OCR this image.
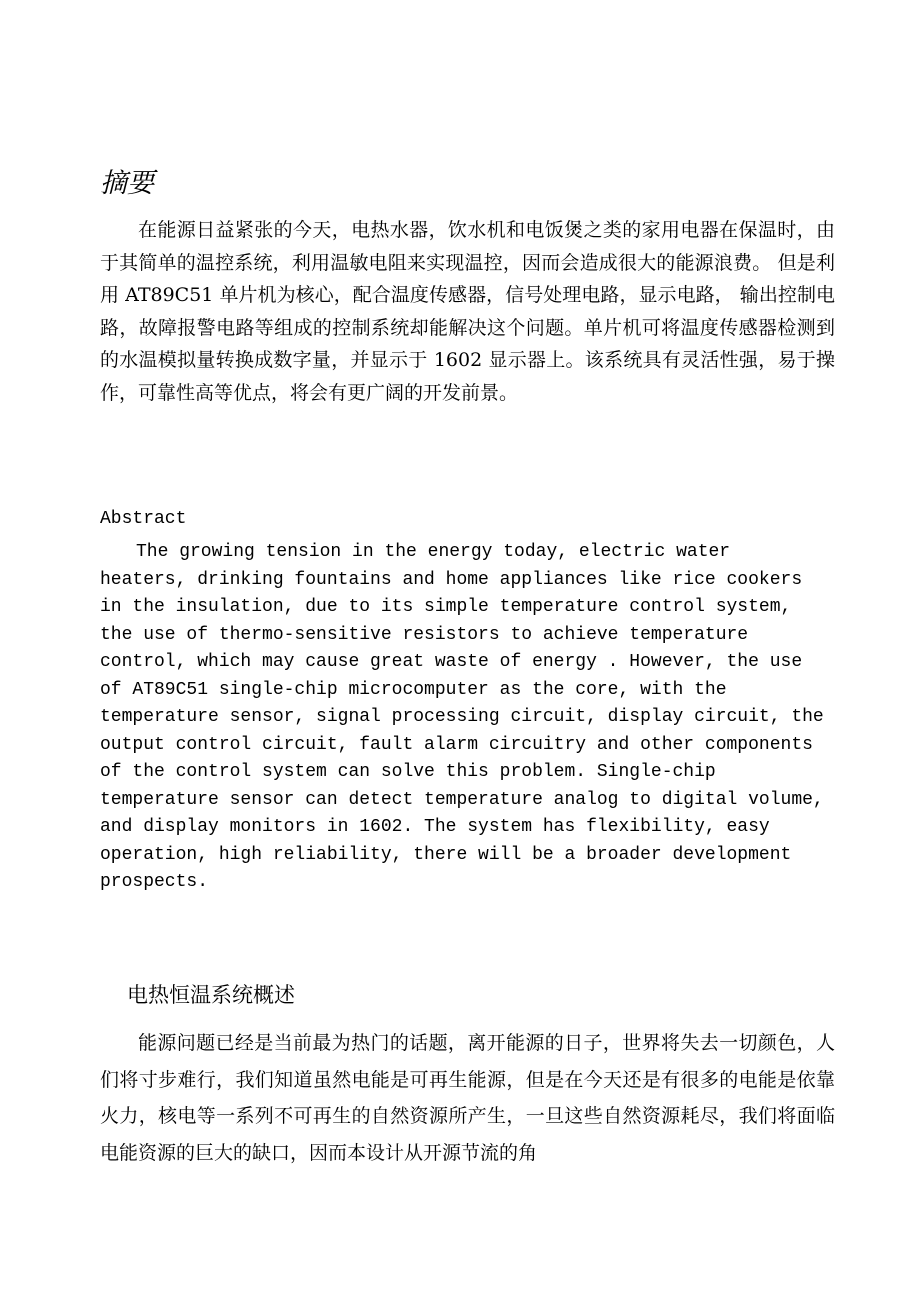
摘要

在能源日益紧张的今天，电热水器，饮水机和电饭煲之类的家用电器在保温时，由于其简单的温控系统，利用温敏电阻来实现温控，因而会造成很大的能源浪费。 但是利用 AT89C51 单片机为核心，配合温度传感器，信号处理电路，显示电路， 输出控制电路，故障报警电路等组成的控制系统却能解决这个问题。单片机可将温度传感器检测到的水温模拟量转换成数字量，并显示于 1602 显示器上。该系统具有灵活性强，易于操作，可靠性高等优点，将会有更广阔的开发前景。

Abstract

The growing tension in the energy today, electric water heaters, drinking fountains and home appliances like rice cookers in the insulation, due to its simple temperature control system, the use of thermo-sensitive resistors to achieve temperature control, which may cause great waste of energy . However, the use of AT89C51 single-chip microcomputer as the core, with the temperature sensor, signal processing circuit, display circuit, the output control circuit, fault alarm circuitry and other components of the control system can solve this problem. Single-chip temperature sensor can detect temperature analog to digital volume, and display monitors in 1602. The system has flexibility, easy operation, high reliability, there will be a broader development prospects.

电热恒温系统概述

能源问题已经是当前最为热门的话题，离开能源的日子，世界将失去一切颜色，人们将寸步难行，我们知道虽然电能是可再生能源，但是在今天还是有很多的电能是依靠火力，核电等一系列不可再生的自然资源所产生，一旦这些自然资源耗尽，我们将面临电能资源的巨大的缺口，因而本设计从开源节流的角
